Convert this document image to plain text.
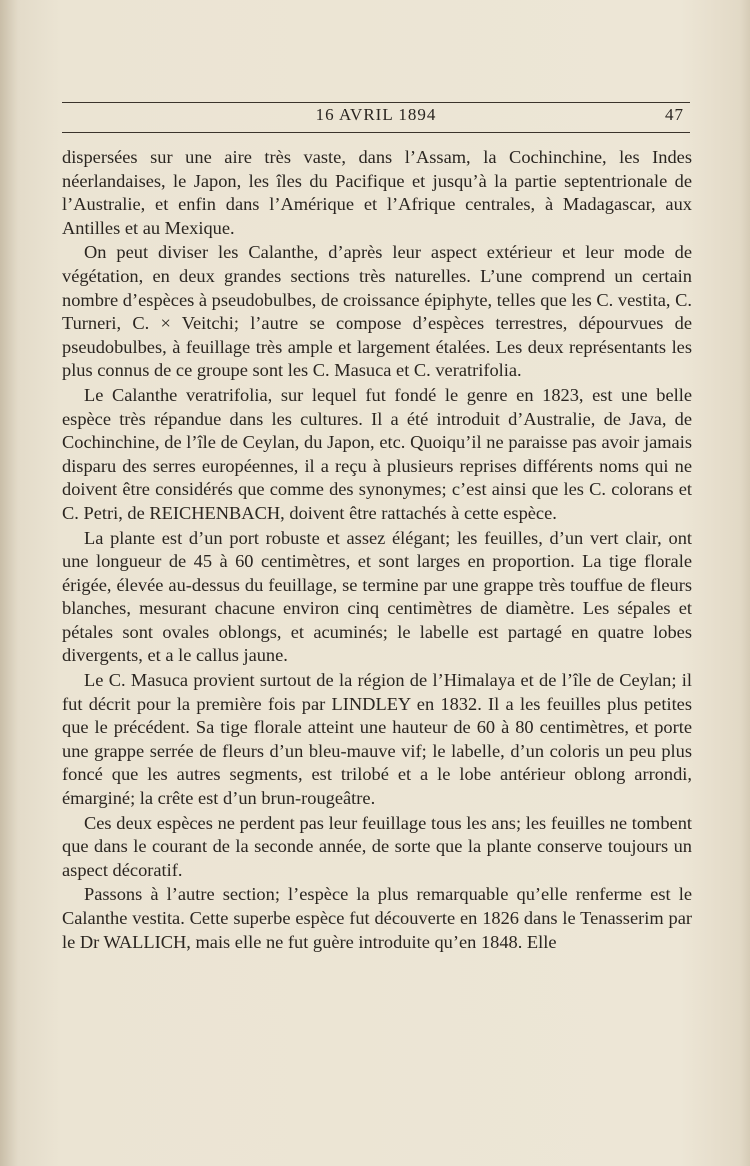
16 AVRIL 1894	47

dispersées sur une aire très vaste, dans l’Assam, la Cochinchine, les Indes néerlandaises, le Japon, les îles du Pacifique et jusqu’à la partie septentrionale de l’Australie, et enfin dans l’Amérique et l’Afrique centrales, à Madagascar, aux Antilles et au Mexique.

On peut diviser les Calanthe, d’après leur aspect extérieur et leur mode de végétation, en deux grandes sections très naturelles. L’une comprend un certain nombre d’espèces à pseudobulbes, de croissance épiphyte, telles que les C. vestita, C. Turneri, C. × Veitchi; l’autre se compose d’espèces terrestres, dépourvues de pseudobulbes, à feuillage très ample et largement étalées. Les deux représentants les plus connus de ce groupe sont les C. Masuca et C. veratrifolia.

Le Calanthe veratrifolia, sur lequel fut fondé le genre en 1823, est une belle espèce très répandue dans les cultures. Il a été introduit d’Australie, de Java, de Cochinchine, de l’île de Ceylan, du Japon, etc. Quoiqu’il ne paraisse pas avoir jamais disparu des serres européennes, il a reçu à plusieurs reprises différents noms qui ne doivent être considérés que comme des synonymes; c’est ainsi que les C. colorans et C. Petri, de REICHENBACH, doivent être rattachés à cette espèce.

La plante est d’un port robuste et assez élégant; les feuilles, d’un vert clair, ont une longueur de 45 à 60 centimètres, et sont larges en proportion. La tige florale érigée, élevée au-dessus du feuillage, se termine par une grappe très touffue de fleurs blanches, mesurant chacune environ cinq centimètres de diamètre. Les sépales et pétales sont ovales oblongs, et acuminés; le labelle est partagé en quatre lobes divergents, et a le callus jaune.

Le C. Masuca provient surtout de la région de l’Himalaya et de l’île de Ceylan; il fut décrit pour la première fois par LINDLEY en 1832. Il a les feuilles plus petites que le précédent. Sa tige florale atteint une hauteur de 60 à 80 centimètres, et porte une grappe serrée de fleurs d’un bleu-mauve vif; le labelle, d’un coloris un peu plus foncé que les autres segments, est trilobé et a le lobe antérieur oblong arrondi, émarginé; la crête est d’un brun-rougeâtre.

Ces deux espèces ne perdent pas leur feuillage tous les ans; les feuilles ne tombent que dans le courant de la seconde année, de sorte que la plante conserve toujours un aspect décoratif.

Passons à l’autre section; l’espèce la plus remarquable qu’elle renferme est le Calanthe vestita. Cette superbe espèce fut découverte en 1826 dans le Tenasserim par le Dr WALLICH, mais elle ne fut guère introduite qu’en 1848. Elle
